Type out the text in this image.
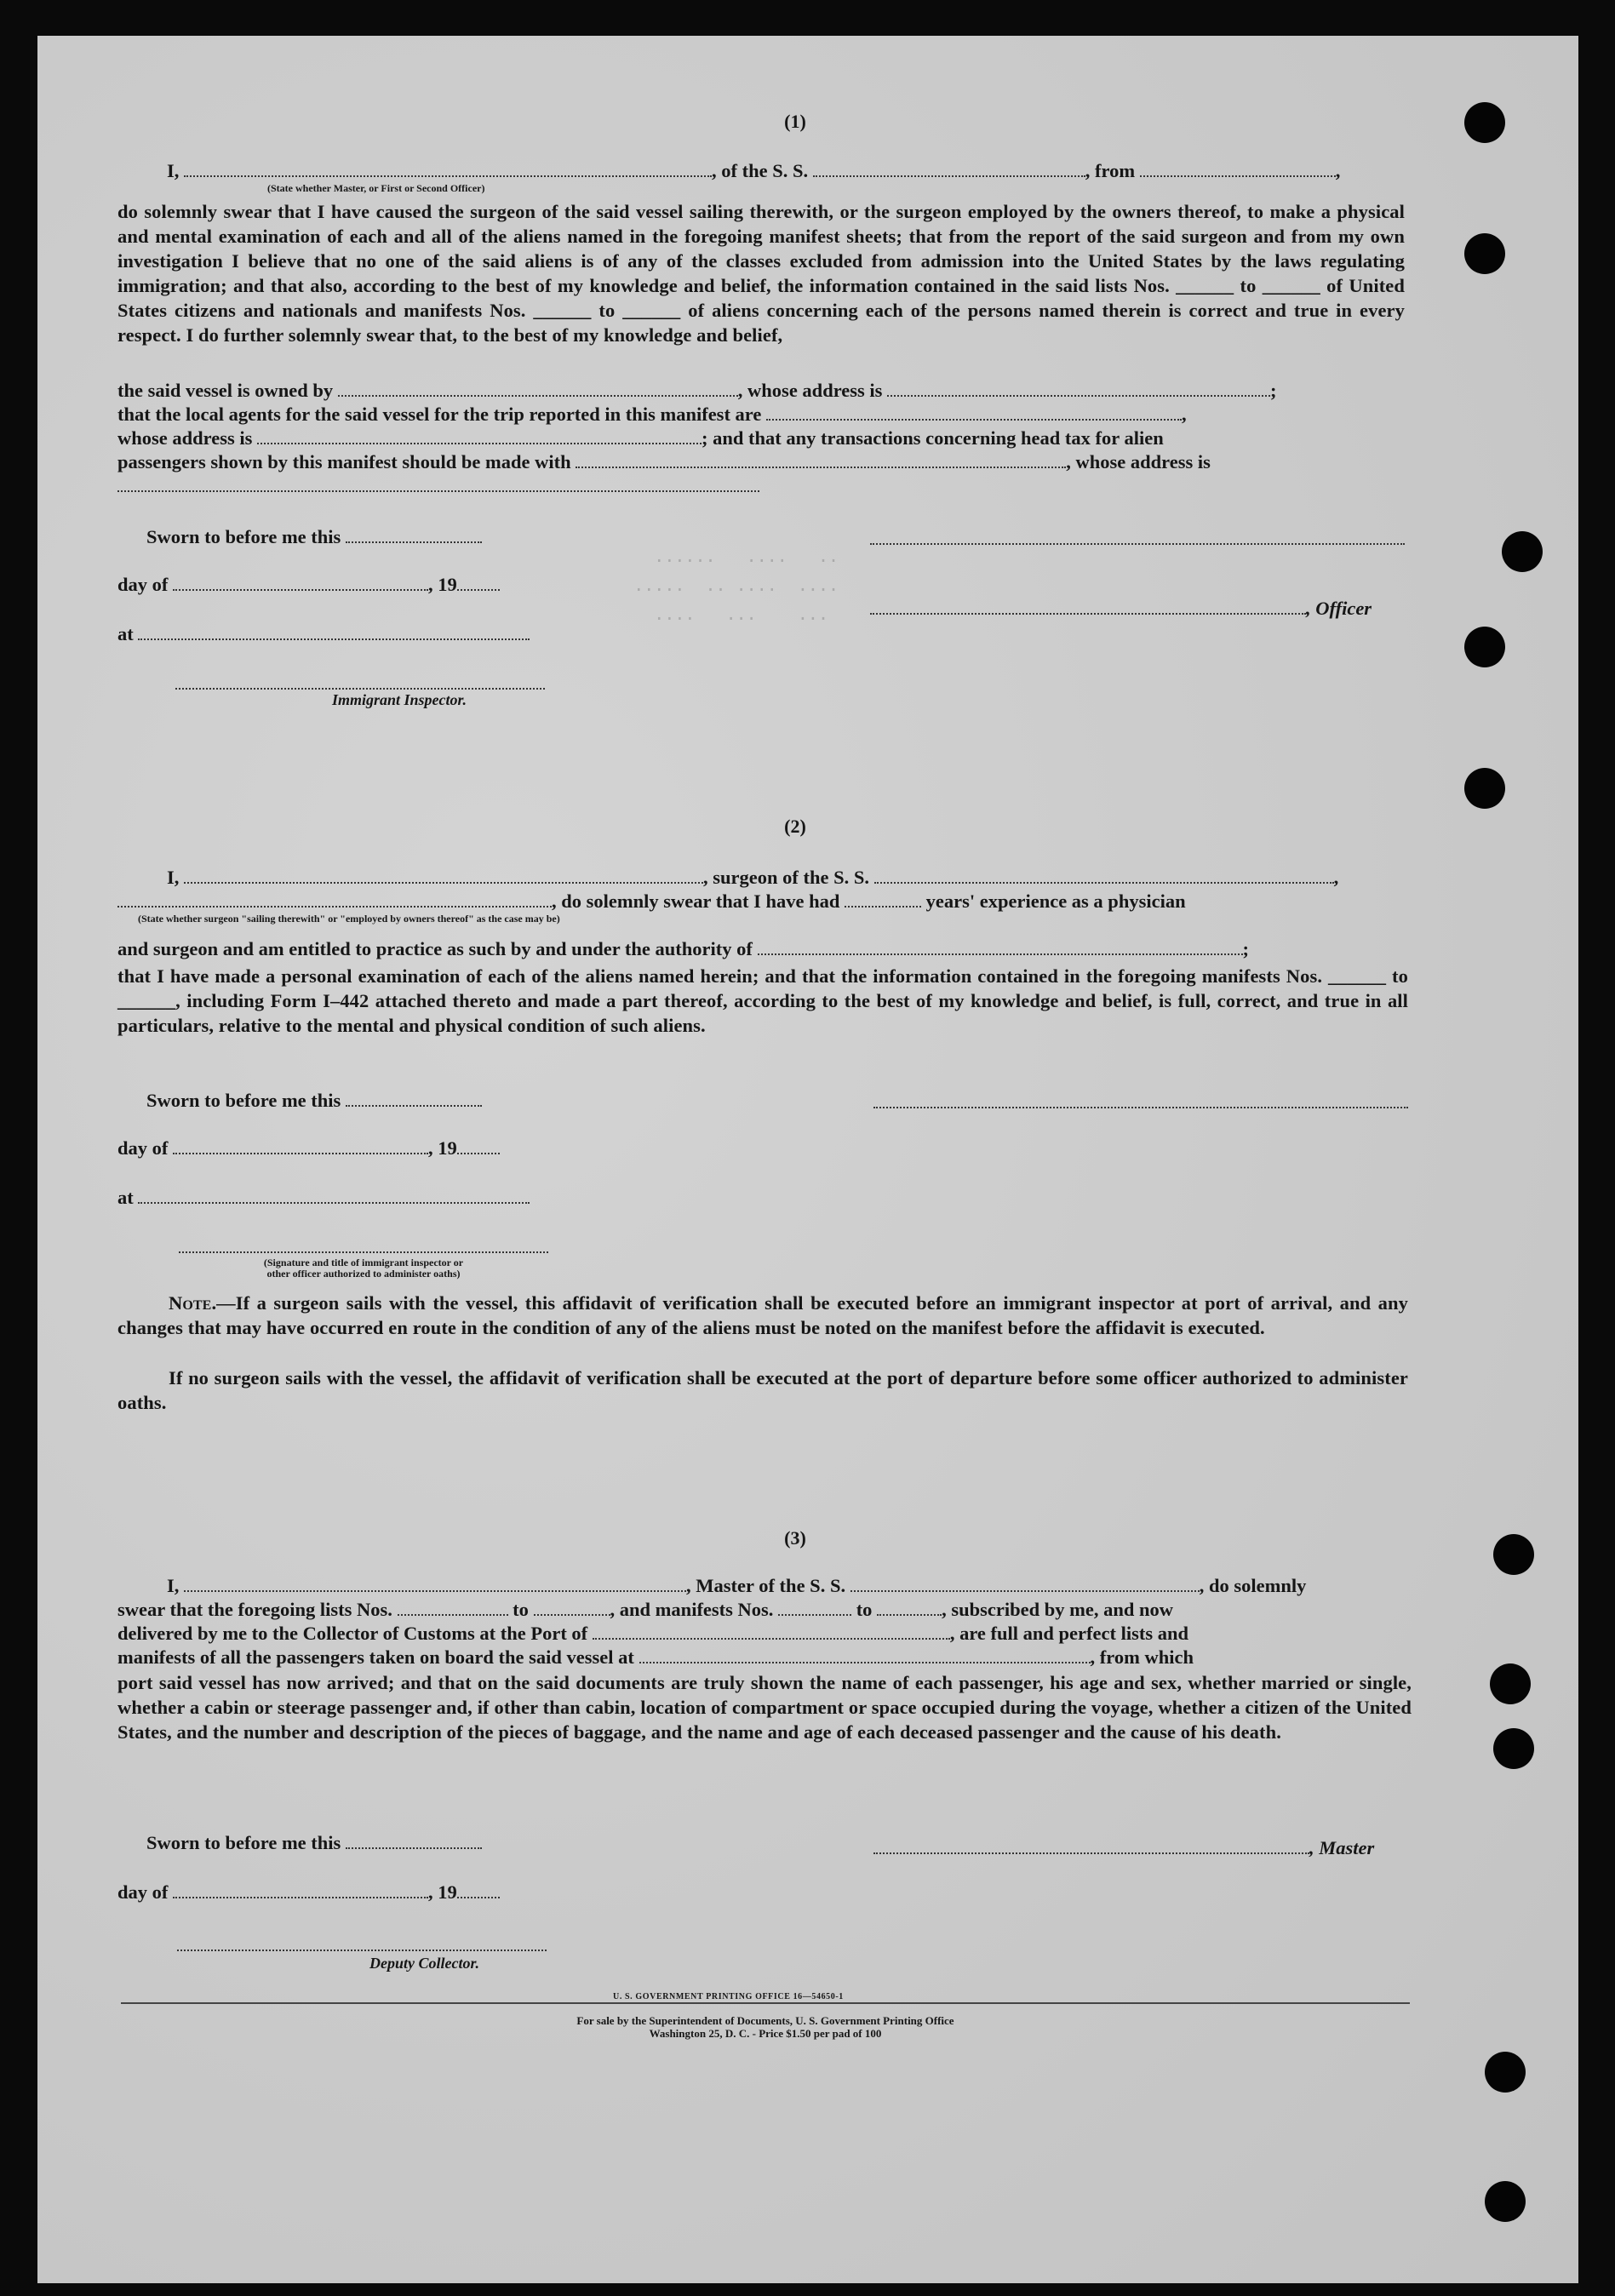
......   ....   ..
.....  .. ....  ....
....   ...    ...

(1)
I,	, of the S. S.	, from	,
(State whether Master, or First or Second Officer)
do solemnly swear that I have caused the surgeon of the said vessel sailing therewith, or the surgeon employed by the owners thereof, to make a physical and mental examination of each and all of the aliens named in the foregoing manifest sheets; that from the report of the said surgeon and from my own investigation I believe that no one of the said aliens is of any of the classes excluded from admission into the United States by the laws regulating immigration; and that also, according to the best of my knowledge and belief, the information contained in the said lists Nos. ______ to ______ of United States citizens and nationals and manifests Nos. ______ to ______ of aliens concerning each of the persons named therein is correct and true in every respect. I do further solemnly swear that, to the best of my knowledge and belief,
the said vessel is owned by	, whose address is	;
that the local agents for the said vessel for the trip reported in this manifest are	,
whose address is	; and that any transactions concerning head tax for alien
passengers shown by this manifest should be made with	, whose address is
Sworn to before me this
day of	, 19
, Officer
at
Immigrant Inspector.
(2)
I,	, surgeon of the S. S.	,
, do solemnly swear that I have had	years' experience as a physician
(State whether surgeon "sailing therewith" or "employed by owners thereof" as the case may be)
and surgeon and am entitled to practice as such by and under the authority of	;
that I have made a personal examination of each of the aliens named herein; and that the information contained in the foregoing manifests Nos. ______ to ______, including Form I–442 attached thereto and made a part thereof, according to the best of my knowledge and belief, is full, correct, and true in all particulars, relative to the mental and physical condition of such aliens.
Sworn to before me this
day of	, 19
at
(Signature and title of immigrant inspector or
other officer authorized to administer oaths)
Note.—If a surgeon sails with the vessel, this affidavit of verification shall be executed before an immigrant inspector at port of arrival, and any changes that may have occurred en route in the condition of any of the aliens must be noted on the manifest before the affidavit is executed.
If no surgeon sails with the vessel, the affidavit of verification shall be executed at the port of departure before some officer authorized to administer oaths.
(3)
I,	, Master of the S. S.	, do solemnly
swear that the foregoing lists Nos.	to	, and manifests Nos.	to	, subscribed by me, and now
delivered by me to the Collector of Customs at the Port of	, are full and perfect lists and
manifests of all the passengers taken on board the said vessel at	, from which
port said vessel has now arrived; and that on the said documents are truly shown the name of each passenger, his age and sex, whether married or single, whether a cabin or steerage passenger and, if other than cabin, location of compartment or space occupied during the voyage, whether a citizen of the United States, and the number and description of the pieces of baggage, and the name and age of each deceased passenger and the cause of his death.
Sworn to before me this	, Master
day of	, 19
Deputy Collector.
U. S. GOVERNMENT PRINTING OFFICE 16—54650-1
For sale by the Superintendent of Documents, U. S. Government Printing Office
Washington 25, D. C. - Price $1.50 per pad of 100
